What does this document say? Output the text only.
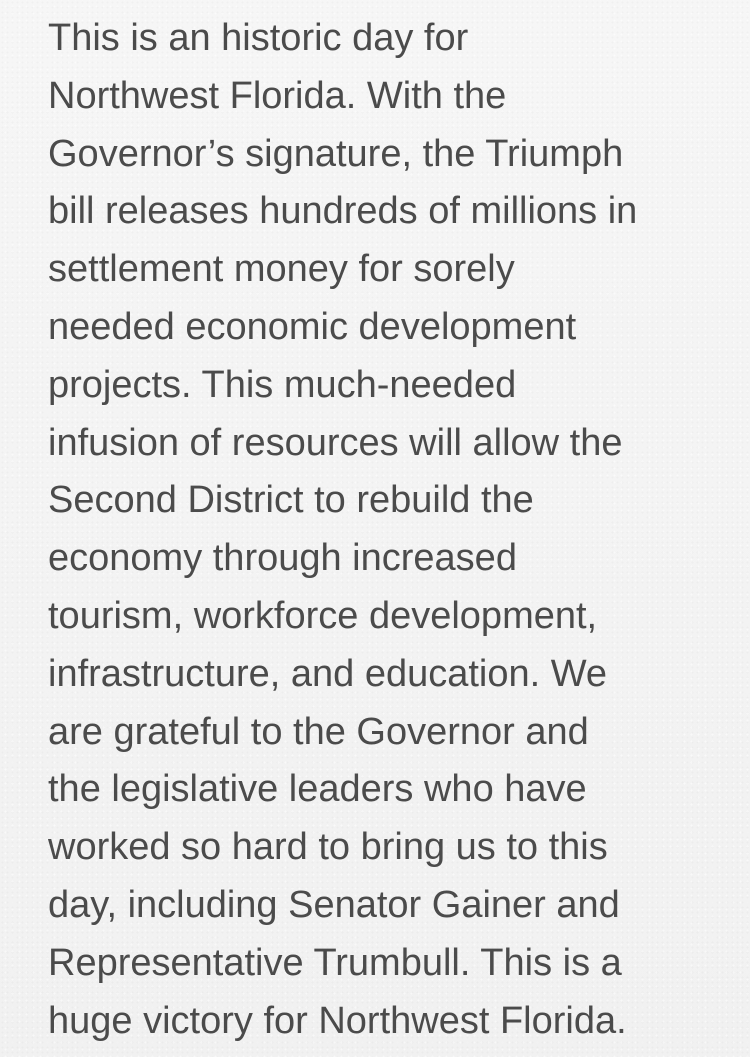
This is an historic day for
Northwest Florida. With the
Governor’s signature, the Triumph
bill releases hundreds of millions in
settlement money for sorely
needed economic development
projects. This much-needed
infusion of resources will allow the
Second District to rebuild the
economy through increased
tourism, workforce development,
infrastructure, and education. We
are grateful to the Governor and
the legislative leaders who have
worked so hard to bring us to this
day, including Senator Gainer and
Representative Trumbull. This is a
huge victory for Northwest Florida.
